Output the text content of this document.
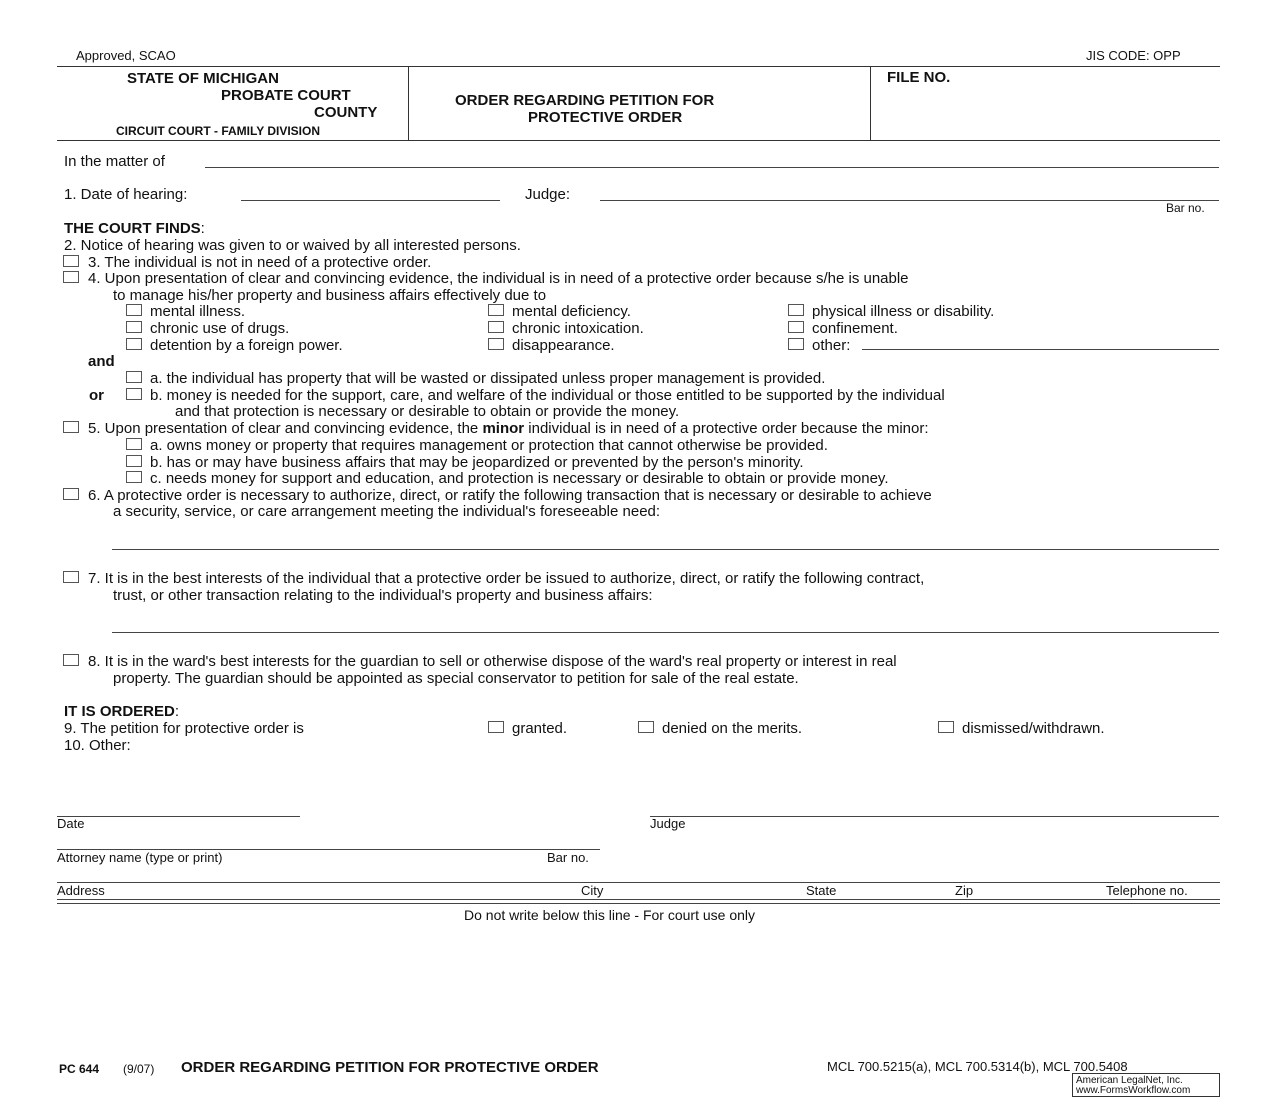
Approved, SCAO	JIS CODE: OPP
STATE OF MICHIGAN
PROBATE COURT
COUNTY
CIRCUIT COURT - FAMILY DIVISION
ORDER REGARDING PETITION FOR
PROTECTIVE ORDER
FILE NO.
In the matter of
1. Date of hearing:	Judge:
Bar no.
THE COURT FINDS:
2. Notice of hearing was given to or waived by all interested persons.
3. The individual is not in need of a protective order.
4. Upon presentation of clear and convincing evidence, the individual is in need of a protective order because s/he is unable
to manage his/her property and business affairs effectively due to
mental illness.	mental deficiency.	physical illness or disability.
chronic use of drugs.	chronic intoxication.	confinement.
detention by a foreign power.	disappearance.	other:
and
a. the individual has property that will be wasted or dissipated unless proper management is provided.
or	b. money is needed for the support, care, and welfare of the individual or those entitled to be supported by the individual
and that protection is necessary or desirable to obtain or provide the money.
5. Upon presentation of clear and convincing evidence, the minor individual is in need of a protective order because the minor:
a. owns money or property that requires management or protection that cannot otherwise be provided.
b. has or may have business affairs that may be jeopardized or prevented by the person's minority.
c. needs money for support and education, and protection is necessary or desirable to obtain or provide money.
6. A protective order is necessary to authorize, direct, or ratify the following transaction that is necessary or desirable to achieve
a security, service, or care arrangement meeting the individual's foreseeable need:
7. It is in the best interests of the individual that a protective order be issued to authorize, direct, or ratify the following contract,
trust, or other transaction relating to the individual's property and business affairs:
8. It is in the ward's best interests for the guardian to sell or otherwise dispose of the ward's real property or interest in real
property. The guardian should be appointed as special conservator to petition for sale of the real estate.
IT IS ORDERED:
9. The petition for protective order is	granted.	denied on the merits.	dismissed/withdrawn.
10. Other:
Date	Judge
Attorney name (type or print)	Bar no.
Address	City	State	Zip	Telephone no.
Do not write below this line - For court use only
PC 644 (9/07) ORDER REGARDING PETITION FOR PROTECTIVE ORDER	MCL 700.5215(a), MCL 700.5314(b), MCL 700.5408
American LegalNet, Inc.
www.FormsWorkflow.com
